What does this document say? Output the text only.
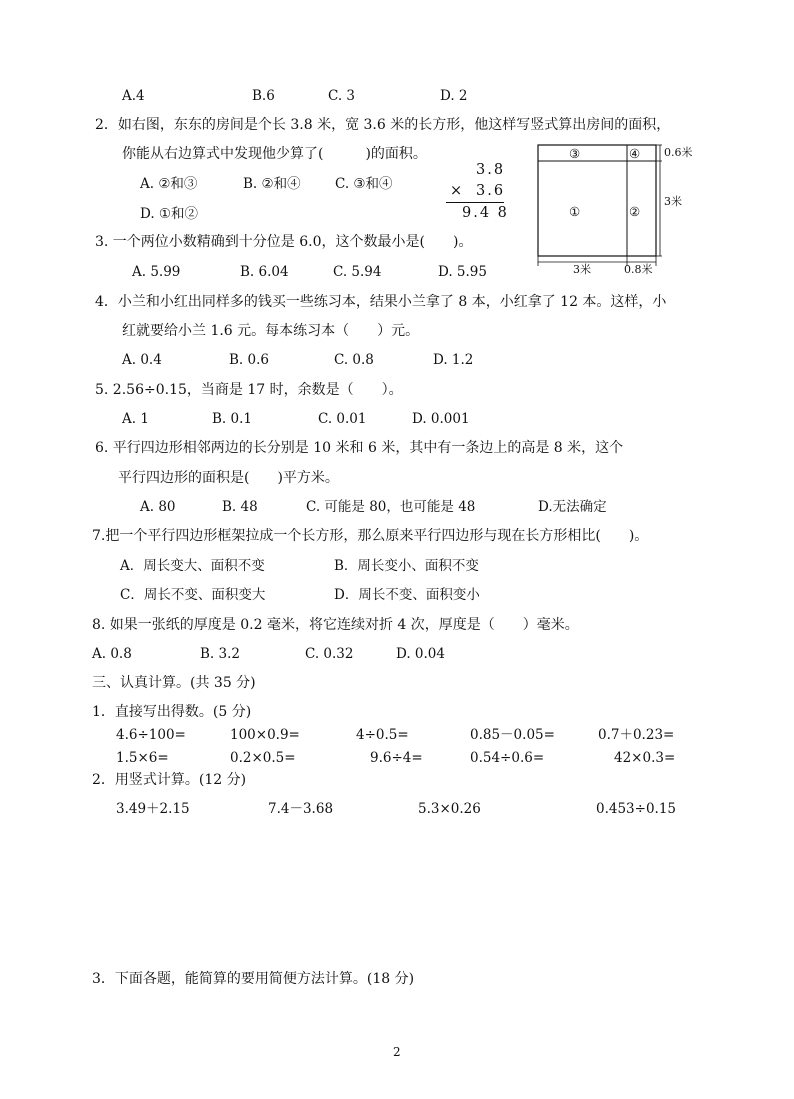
A.4	B.6	C. 3	D. 2
2．如右图，东东的房间是个长 3.8 米，宽 3.6 米的长方形，他这样写竖式算出房间的面积，
你能从右边算式中发现他少算了(　　　)的面积。
A. ②和③	B. ②和④	C. ③和④
D. ①和②
3.8
× 3.6
9.4 8
③	④
①	②
0.6米
3米
3米	0.8米
3. 一个两位小数精确到十分位是 6.0，这个数最小是(　　)。
A. 5.99	B. 6.04	C. 5.94	D. 5.95
4．小兰和小红出同样多的钱买一些练习本，结果小兰拿了 8 本，小红拿了 12 本。这样，小
红就要给小兰 1.6 元。每本练习本（　　）元。
A. 0.4	B. 0.6	C. 0.8	D. 1.2
5. 2.56÷0.15，当商是 17 时，余数是（　　）。
A. 1	B. 0.1	C. 0.01	D. 0.001
6. 平行四边形相邻两边的长分别是 10 米和 6 米，其中有一条边上的高是 8 米，这个
平行四边形的面积是(　　)平方米。
A. 80	B. 48	C. 可能是 80，也可能是 48	D.无法确定
7.把一个平行四边形框架拉成一个长方形，那么原来平行四边形与现在长方形相比(　　)。
A．周长变大、面积不变	B．周长变小、面积不变
C．周长不变、面积变大	D．周长不变、面积变小
8. 如果一张纸的厚度是 0.2 毫米，将它连续对折 4 次，厚度是（　　）毫米。
A. 0.8	B. 3.2	C. 0.32	D. 0.04
三、认真计算。(共 35 分)
1．直接写出得数。(5 分)
4.6÷100=	100×0.9=	4÷0.5=	0.85－0.05=	0.7＋0.23=
1.5×6=	0.2×0.5=	9.6÷4=	0.54÷0.6=	42×0.3=
2．用竖式计算。(12 分)
3.49＋2.15	7.4－3.68	5.3×0.26	0.453÷0.15
3．下面各题，能简算的要用简便方法计算。(18 分)
2
